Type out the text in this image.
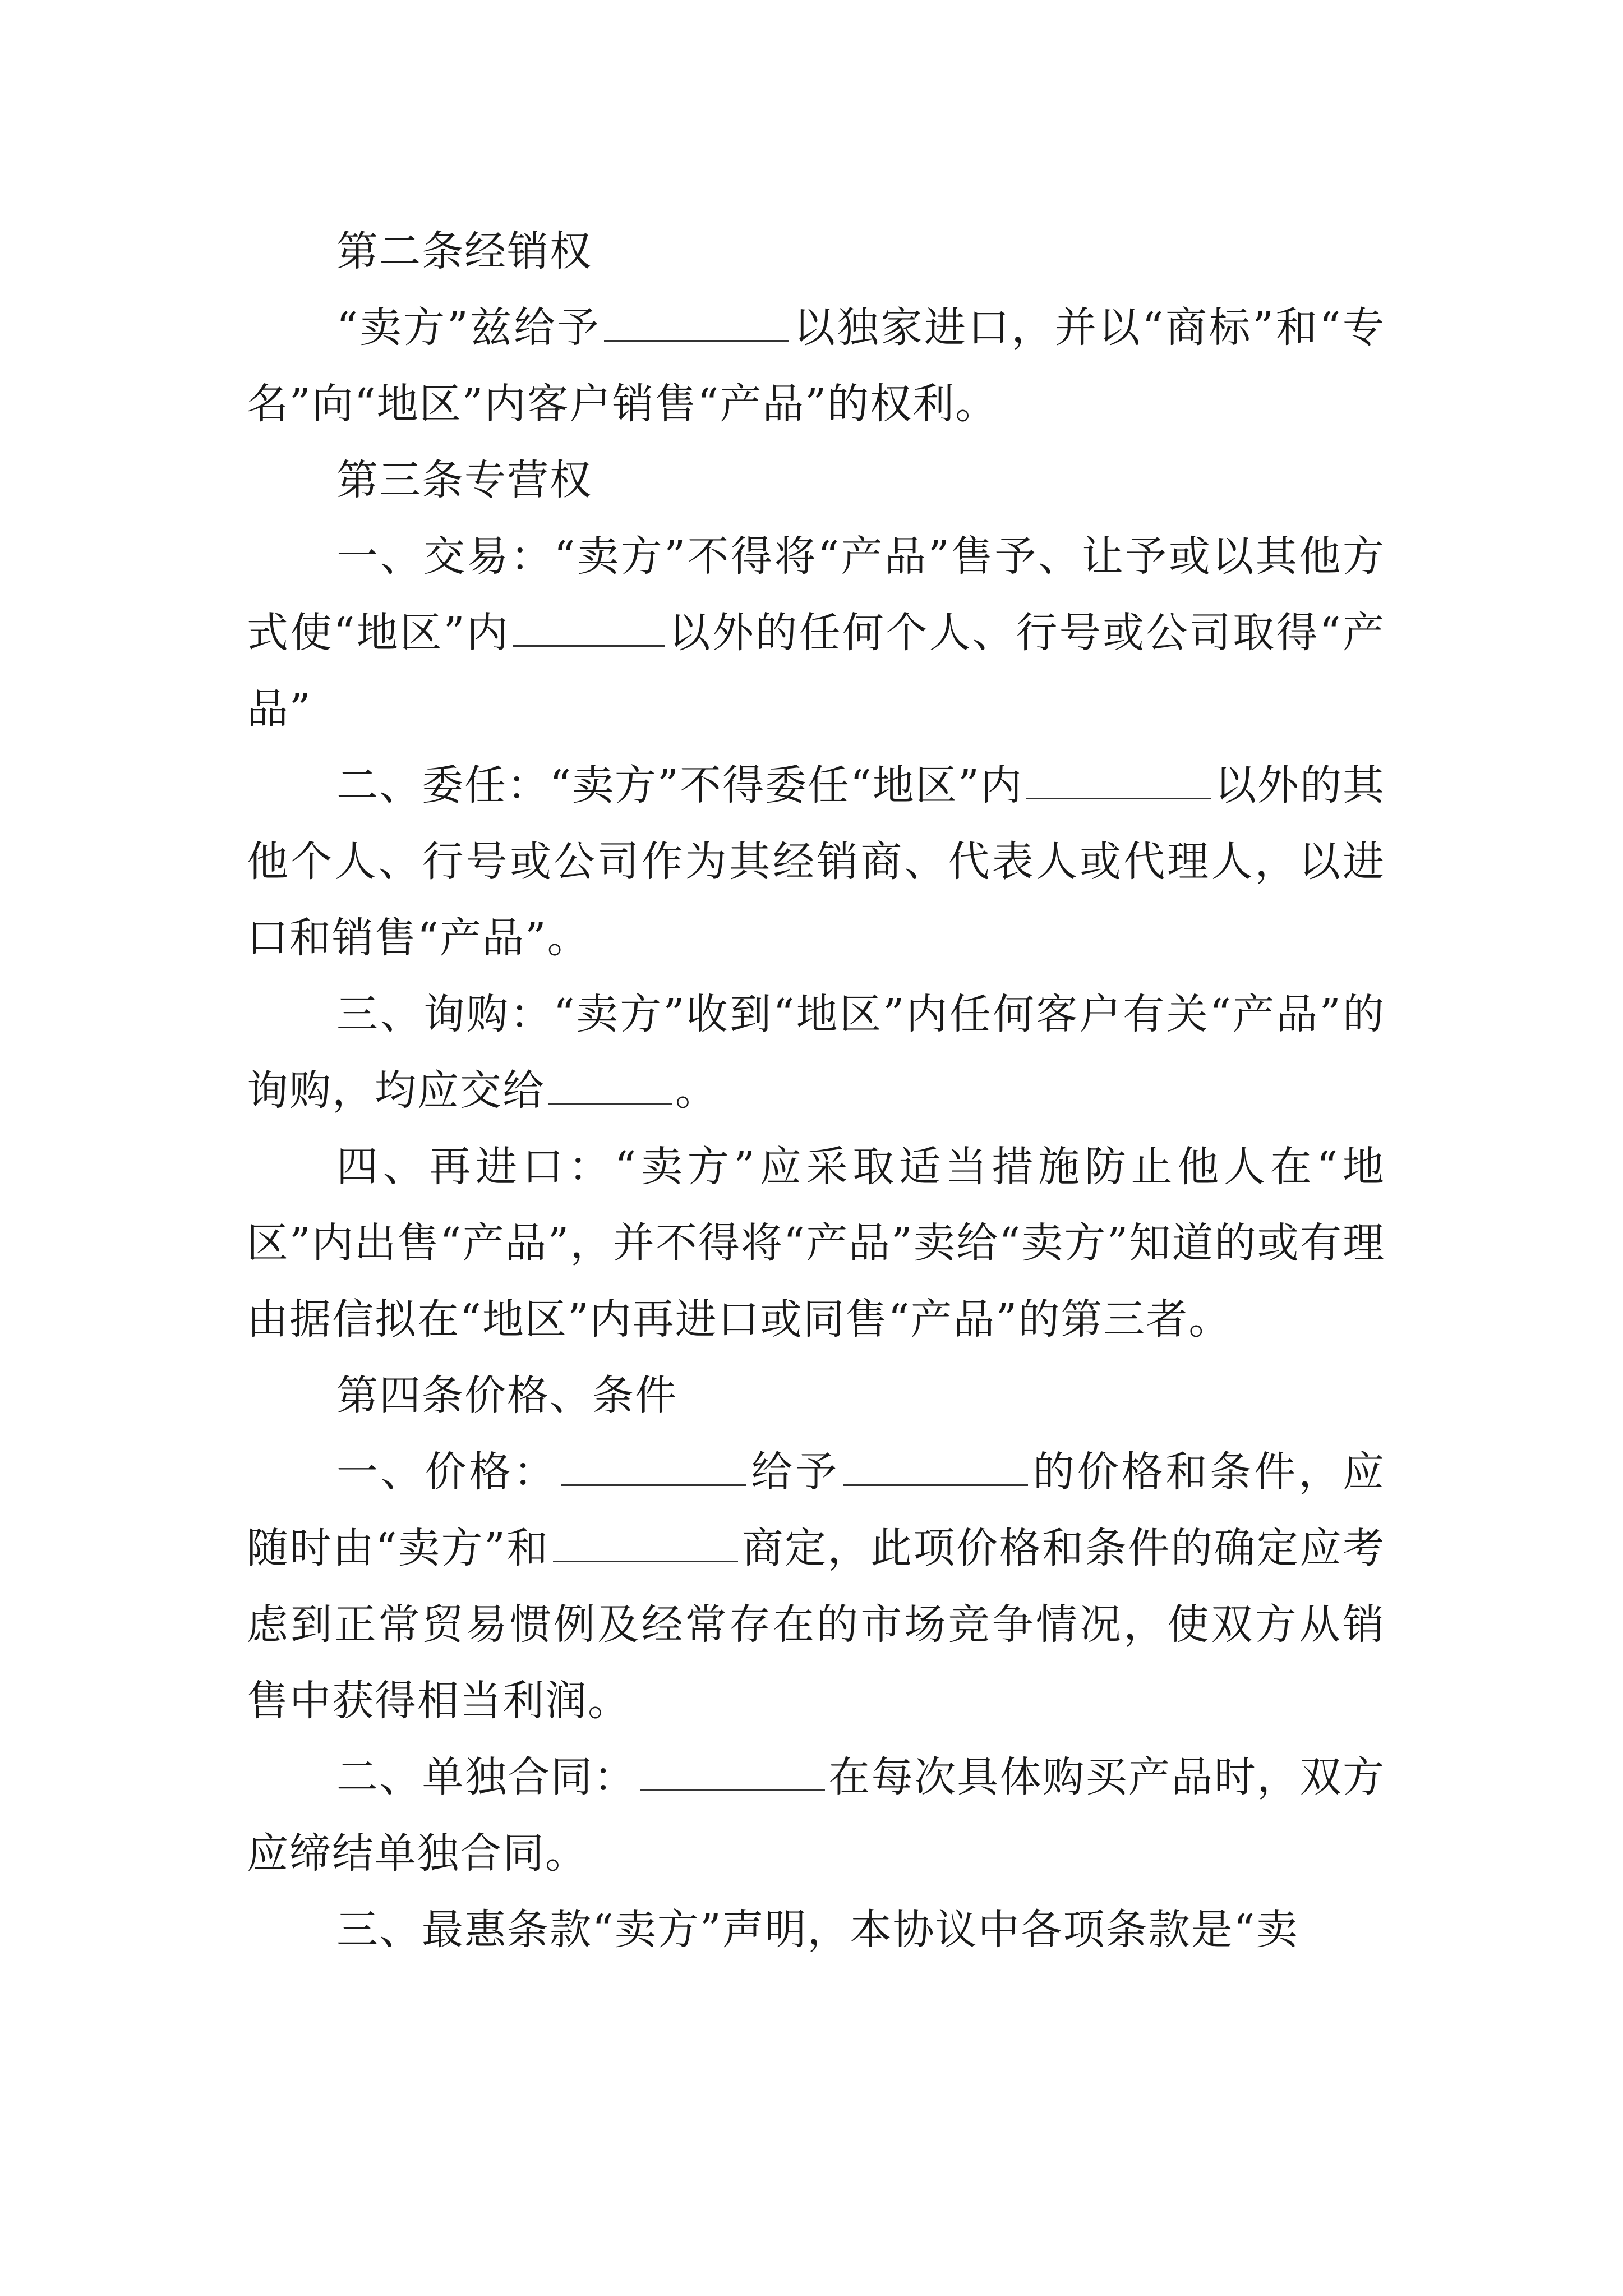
第二条经销权

“卖方”兹给予	以独家进口，并以“商标”和“专名”向“地区”内客户销售“产品”的权利。

第三条专营权

一、交易：“卖方”不得将“产品”售予、让予或以其他方式使“地区”内	以外的任何个人、行号或公司取得“产品”

二、委任：“卖方”不得委任“地区”内	以外的其他个人、行号或公司作为其经销商、代表人或代理人，以进口和销售“产品”。

三、询购：“卖方”收到“地区”内任何客户有关“产品”的询购，均应交给	。

四、再进口：“卖方”应采取适当措施防止他人在“地区”内出售“产品”，并不得将“产品”卖给“卖方”知道的或有理由据信拟在“地区”内再进口或同售“产品”的第三者。

第四条价格、条件

一、价格：	给予	的价格和条件，应随时由“卖方”和	商定，此项价格和条件的确定应考虑到正常贸易惯例及经常存在的市场竞争情况，使双方从销售中获得相当利润。

二、单独合同：	在每次具体购买产品时，双方应缔结单独合同。

三、最惠条款“卖方”声明，本协议中各项条款是“卖
